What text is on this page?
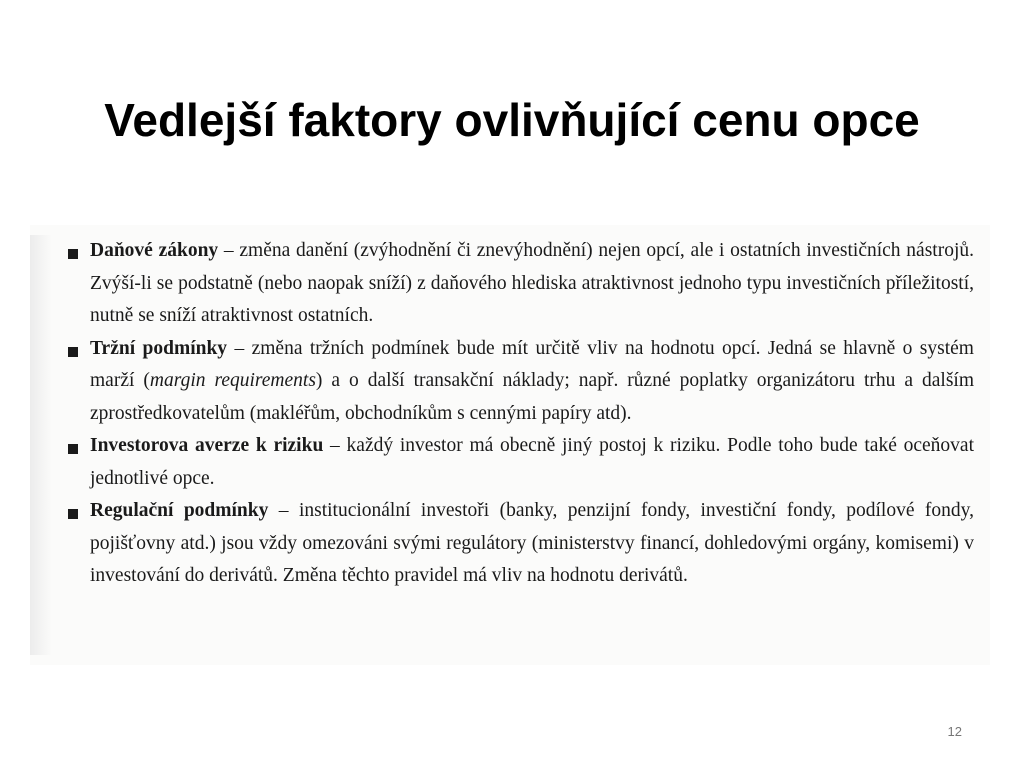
Vedlejší faktory ovlivňující cenu opce
Daňové zákony – změna danění (zvýhodnění či znevýhodnění) nejen opcí, ale i ostatních investičních nástrojů. Zvýší-li se podstatně (nebo naopak sníží) z daňového hlediska atraktivnost jednoho typu investičních příležitostí, nutně se sníží atraktivnost ostatních.
Tržní podmínky – změna tržních podmínek bude mít určitě vliv na hodnotu opcí. Jedná se hlavně o systém marží (margin requirements) a o další transakční náklady; např. různé poplatky organizátoru trhu a dalším zprostředkovatelům (makléřům, obchodníkům s cennými papíry atd).
Investorova averze k riziku – každý investor má obecně jiný postoj k riziku. Podle toho bude také oceňovat jednotlivé opce.
Regulační podmínky – institucionální investoři (banky, penzijní fondy, investiční fondy, podílové fondy, pojišťovny atd.) jsou vždy omezováni svými regulátory (ministerstvy financí, dohledovými orgány, komisemi) v investování do derivátů. Změna těchto pravidel má vliv na hodnotu derivátů.
12
